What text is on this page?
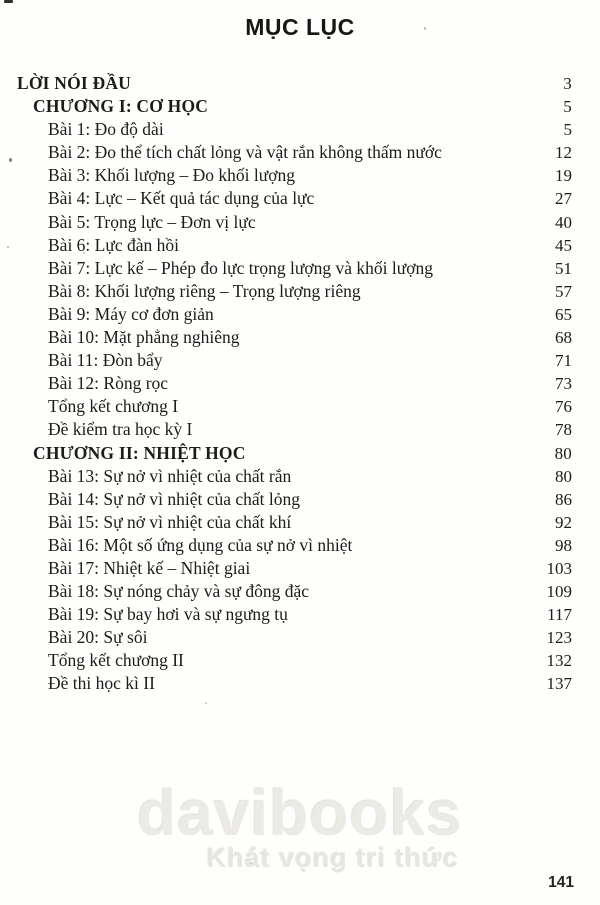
MỤC LỤC
LỜI NÓI ĐẦU	3
CHƯƠNG I: CƠ HỌC	5
Bài 1: Đo độ dài	5
Bài 2: Đo thể tích chất lỏng và vật rắn không thấm nước	12
Bài 3: Khối lượng – Đo khối lượng	19
Bài 4: Lực – Kết quả tác dụng của lực	27
Bài 5: Trọng lực – Đơn vị lực	40
Bài 6: Lực đàn hồi	45
Bài 7: Lực kế – Phép đo lực trọng lượng và khối lượng	51
Bài 8: Khối lượng riêng – Trọng lượng riêng	57
Bài 9: Máy cơ đơn giản	65
Bài 10: Mặt phẳng nghiêng	68
Bài 11: Đòn bẩy	71
Bài 12: Ròng rọc	73
Tổng kết chương I	76
Đề kiểm tra học kỳ I	78
CHƯƠNG II: NHIỆT HỌC	80
Bài 13: Sự nở vì nhiệt của chất rắn	80
Bài 14: Sự nở vì nhiệt của chất lỏng	86
Bài 15: Sự nở vì nhiệt của chất khí	92
Bài 16: Một số ứng dụng của sự nở vì nhiệt	98
Bài 17: Nhiệt kế – Nhiệt giai	103
Bài 18: Sự nóng chảy và sự đông đặc	109
Bài 19: Sự bay hơi và sự ngưng tụ	117
Bài 20: Sự sôi	123
Tổng kết chương II	132
Đề thi học kì II	137
davibooks
Khát vọng tri thức
141
